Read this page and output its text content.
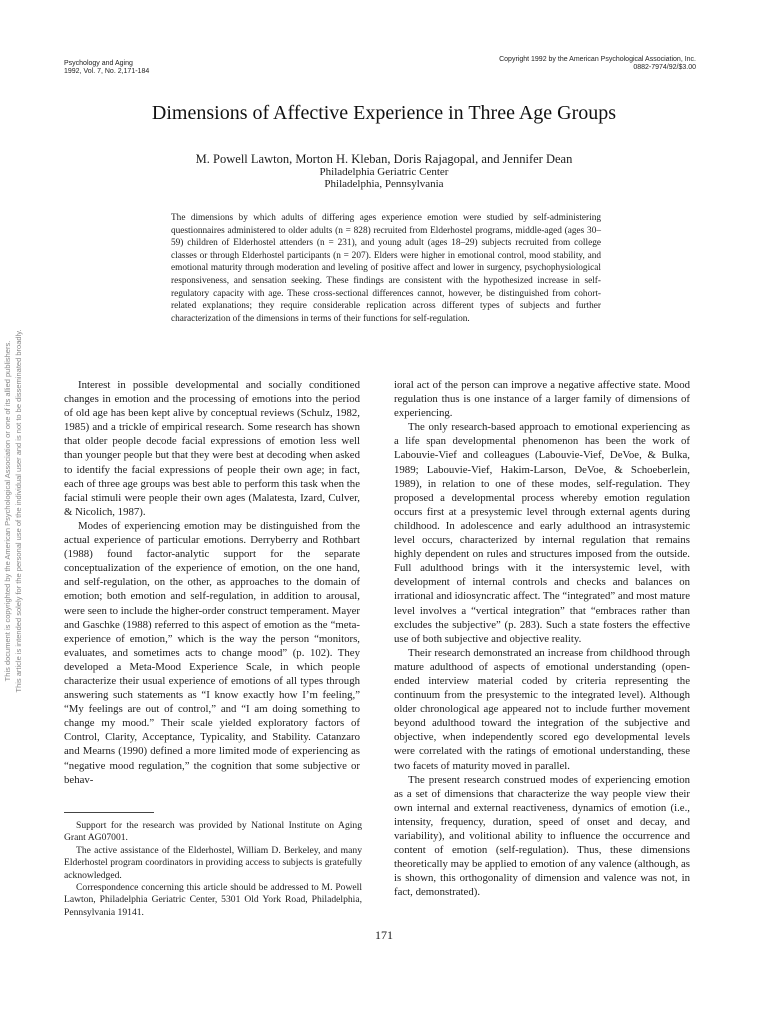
Psychology and Aging
1992, Vol. 7, No. 2,171-184
Copyright 1992 by the American Psychological Association, Inc.
0882-7974/92/$3.00
Dimensions of Affective Experience in Three Age Groups
M. Powell Lawton, Morton H. Kleban, Doris Rajagopal, and Jennifer Dean
Philadelphia Geriatric Center
Philadelphia, Pennsylvania

The dimensions by which adults of differing ages experience emotion were studied by self-administering questionnaires administered to older adults (n = 828) recruited from Elderhostel programs, middle-aged (ages 30–59) children of Elderhostel attenders (n = 231), and young adult (ages 18–29) subjects recruited from college classes or through Elderhostel participants (n = 207). Elders were higher in emotional control, mood stability, and emotional maturity through moderation and leveling of positive affect and lower in surgency, psychophysiological responsiveness, and sensation seeking. These findings are consistent with the hypothesized increase in self-regulatory capacity with age. These cross-sectional differences cannot, however, be distinguished from cohort-related explanations; they require considerable replication across different types of subjects and further characterization of the dimensions in terms of their functions for self-regulation.

Interest in possible developmental and socially conditioned changes in emotion and the processing of emotions into the period of old age has been kept alive by conceptual reviews (Schulz, 1982, 1985) and a trickle of empirical research. Some research has shown that older people decode facial expressions of emotion less well than younger people but that they were best at decoding when asked to identify the facial expressions of people their own age; in fact, each of three age groups was best able to perform this task when the facial stimuli were people their own ages (Malatesta, Izard, Culver, & Nicolich, 1987).

Modes of experiencing emotion may be distinguished from the actual experience of particular emotions. Derryberry and Rothbart (1988) found factor-analytic support for the separate conceptualization of the experience of emotion, on the one hand, and self-regulation, on the other, as approaches to the domain of emotion; both emotion and self-regulation, in addition to arousal, were seen to include the higher-order construct temperament. Mayer and Gaschke (1988) referred to this aspect of emotion as the “meta-experience of emotion,” which is the way the person “monitors, evaluates, and sometimes acts to change mood” (p. 102). They developed a Meta-Mood Experience Scale, in which people characterize their usual experience of emotions of all types through answering such statements as “I know exactly how I’m feeling,” “My feelings are out of control,” and “I am doing something to change my mood.” Their scale yielded exploratory factors of Control, Clarity, Acceptance, Typicality, and Stability. Catanzaro and Mearns (1990) defined a more limited mode of experiencing as “negative mood regulation,” the cognition that some subjective or behav-

ioral act of the person can improve a negative affective state. Mood regulation thus is one instance of a larger family of dimensions of experiencing.

The only research-based approach to emotional experiencing as a life span developmental phenomenon has been the work of Labouvie-Vief and colleagues (Labouvie-Vief, DeVoe, & Bulka, 1989; Labouvie-Vief, Hakim-Larson, DeVoe, & Schoeberlein, 1989), in relation to one of these modes, self-regulation. They proposed a developmental process whereby emotion regulation occurs first at a presystemic level through external agents during childhood. In adolescence and early adulthood an intrasystemic level occurs, characterized by internal regulation that remains highly dependent on rules and structures imposed from the outside. Full adulthood brings with it the intersystemic level, with development of internal controls and checks and balances on irrational and idiosyncratic affect. The “integrated” and most mature level involves a “vertical integration” that “embraces rather than excludes the subjective” (p. 283). Such a state fosters the effective use of both subjective and objective reality.

Their research demonstrated an increase from childhood through mature adulthood of aspects of emotional understanding (open-ended interview material coded by criteria representing the continuum from the presystemic to the integrated level). Although older chronological age appeared not to include further movement beyond adulthood toward the integration of the subjective and objective, when independently scored ego developmental levels were correlated with the ratings of emotional understanding, these two facets of maturity moved in parallel.

The present research construed modes of experiencing emotion as a set of dimensions that characterize the way people view their own internal and external reactiveness, dynamics of emotion (i.e., intensity, frequency, duration, speed of onset and decay, and variability), and volitional ability to influence the occurrence and content of emotion (self-regulation). Thus, these dimensions theoretically may be applied to emotion of any valence (although, as is shown, this orthogonality of dimension and valence was not, in fact, demonstrated).

Support for the research was provided by National Institute on Aging Grant AG07001.

The active assistance of the Elderhostel, William D. Berkeley, and many Elderhostel program coordinators in providing access to subjects is gratefully acknowledged.

Correspondence concerning this article should be addressed to M. Powell Lawton, Philadelphia Geriatric Center, 5301 Old York Road, Philadelphia, Pennsylvania 19141.

171
This document is copyrighted by the American Psychological Association or one of its allied publishers. This article is intended solely for the personal use of the individual user and is not to be disseminated broadly.
